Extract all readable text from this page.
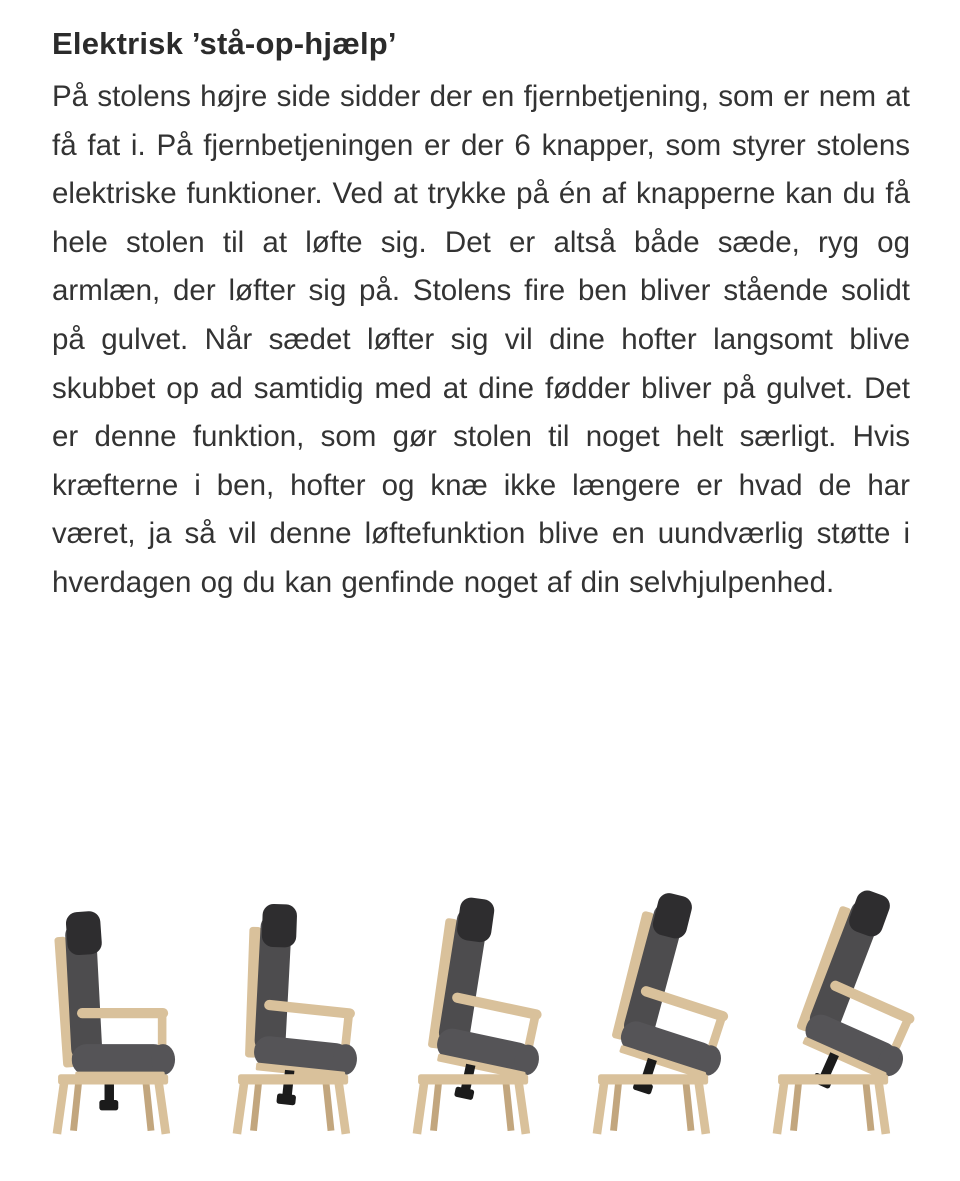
Elektrisk ’stå-op-hjælp’

På stolens højre side sidder der en fjernbetjening, som er nem at få fat i. På fjernbetjeningen er der 6 knapper, som styrer stolens elektriske funktioner. Ved at trykke på én af knapperne kan du få hele stolen til at løfte sig. Det er altså både sæde, ryg og armlæn, der løfter sig på. Stolens fire ben bliver stående solidt på gulvet. Når sædet løfter sig vil dine hofter langsomt blive skubbet op ad samtidig med at dine fødder bliver på gulvet. Det er denne funktion, som gør stolen til noget helt særligt. Hvis kræfterne i ben, hofter og knæ ikke længere er hvad de har været, ja så vil denne løftefunktion blive en uundværlig støtte i hverdagen og du kan genfinde noget af din selvhjulpenhed.
